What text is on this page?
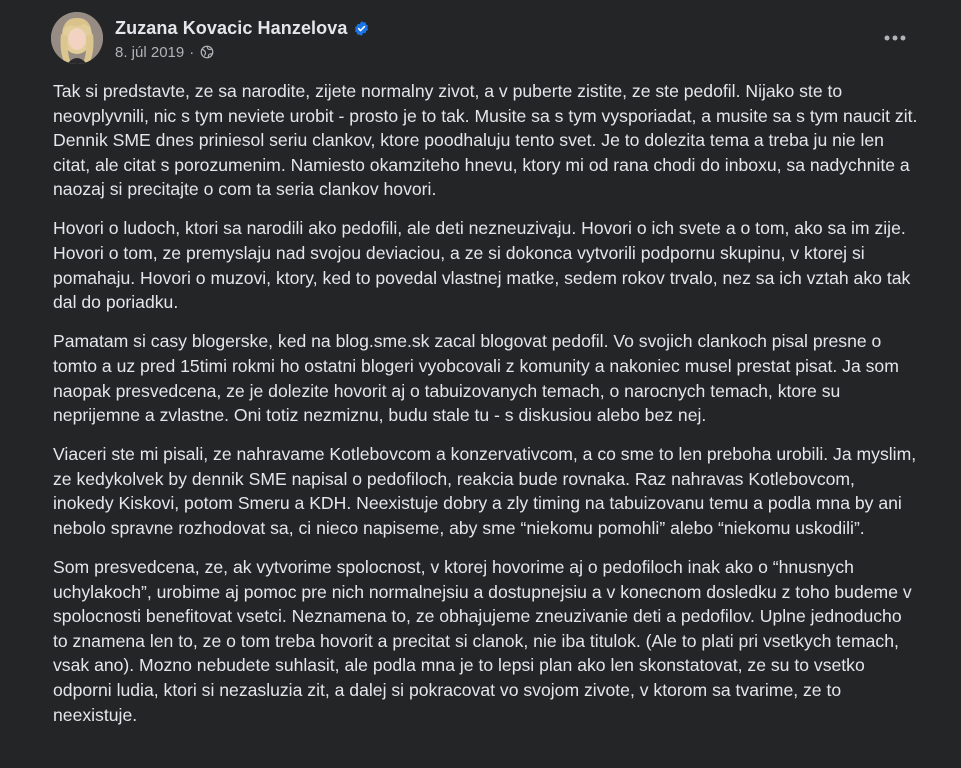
Zuzana Kovacic Hanzelova
8. júl 2019 ·

Tak si predstavte, ze sa narodite, zijete normalny zivot, a v puberte zistite, ze ste pedofil. Nijako ste to neovplyvnili, nic s tym neviete urobit - prosto je to tak. Musite sa s tym vysporiadat, a musite sa s tym naucit zit. Dennik SME dnes priniesol seriu clankov, ktore poodhaluju tento svet. Je to dolezita tema a treba ju nie len citat, ale citat s porozumenim. Namiesto okamziteho hnevu, ktory mi od rana chodi do inboxu, sa nadychnite a naozaj si precitajte o com ta seria clankov hovori.

Hovori o ludoch, ktori sa narodili ako pedofili, ale deti nezneuzivaju. Hovori o ich svete a o tom, ako sa im zije. Hovori o tom, ze premyslaju nad svojou deviaciou, a ze si dokonca vytvorili podpornu skupinu, v ktorej si pomahaju. Hovori o muzovi, ktory, ked to povedal vlastnej matke, sedem rokov trvalo, nez sa ich vztah ako tak dal do poriadku.

Pamatam si casy blogerske, ked na blog.sme.sk zacal blogovat pedofil. Vo svojich clankoch pisal presne o tomto a uz pred 15timi rokmi ho ostatni blogeri vyobcovali z komunity a nakoniec musel prestat pisat. Ja som naopak presvedcena, ze je dolezite hovorit aj o tabuizovanych temach, o narocnych temach, ktore su neprijemne a zvlastne. Oni totiz nezmiznu, budu stale tu - s diskusiou alebo bez nej.

Viaceri ste mi pisali, ze nahravame Kotlebovcom a konzervativcom, a co sme to len preboha urobili. Ja myslim, ze kedykolvek by dennik SME napisal o pedofiloch, reakcia bude rovnaka. Raz nahravas Kotlebovcom, inokedy Kiskovi, potom Smeru a KDH. Neexistuje dobry a zly timing na tabuizovanu temu a podla mna by ani nebolo spravne rozhodovat sa, ci nieco napiseme, aby sme “niekomu pomohli” alebo “niekomu uskodili”.

Som presvedcena, ze, ak vytvorime spolocnost, v ktorej hovorime aj o pedofiloch inak ako o “hnusnych uchylakoch”, urobime aj pomoc pre nich normalnejsiu a dostupnejsiu a v konecnom dosledku z toho budeme v spolocnosti benefitovat vsetci. Neznamena to, ze obhajujeme zneuzivanie deti a pedofilov. Uplne jednoducho to znamena len to, ze o tom treba hovorit a precitat si clanok, nie iba titulok. (Ale to plati pri vsetkych temach, vsak ano). Mozno nebudete suhlasit, ale podla mna je to lepsi plan ako len skonstatovat, ze su to vsetko odporni ludia, ktori si nezasluzia zit, a dalej si pokracovat vo svojom zivote, v ktorom sa tvarime, ze to neexistuje.
